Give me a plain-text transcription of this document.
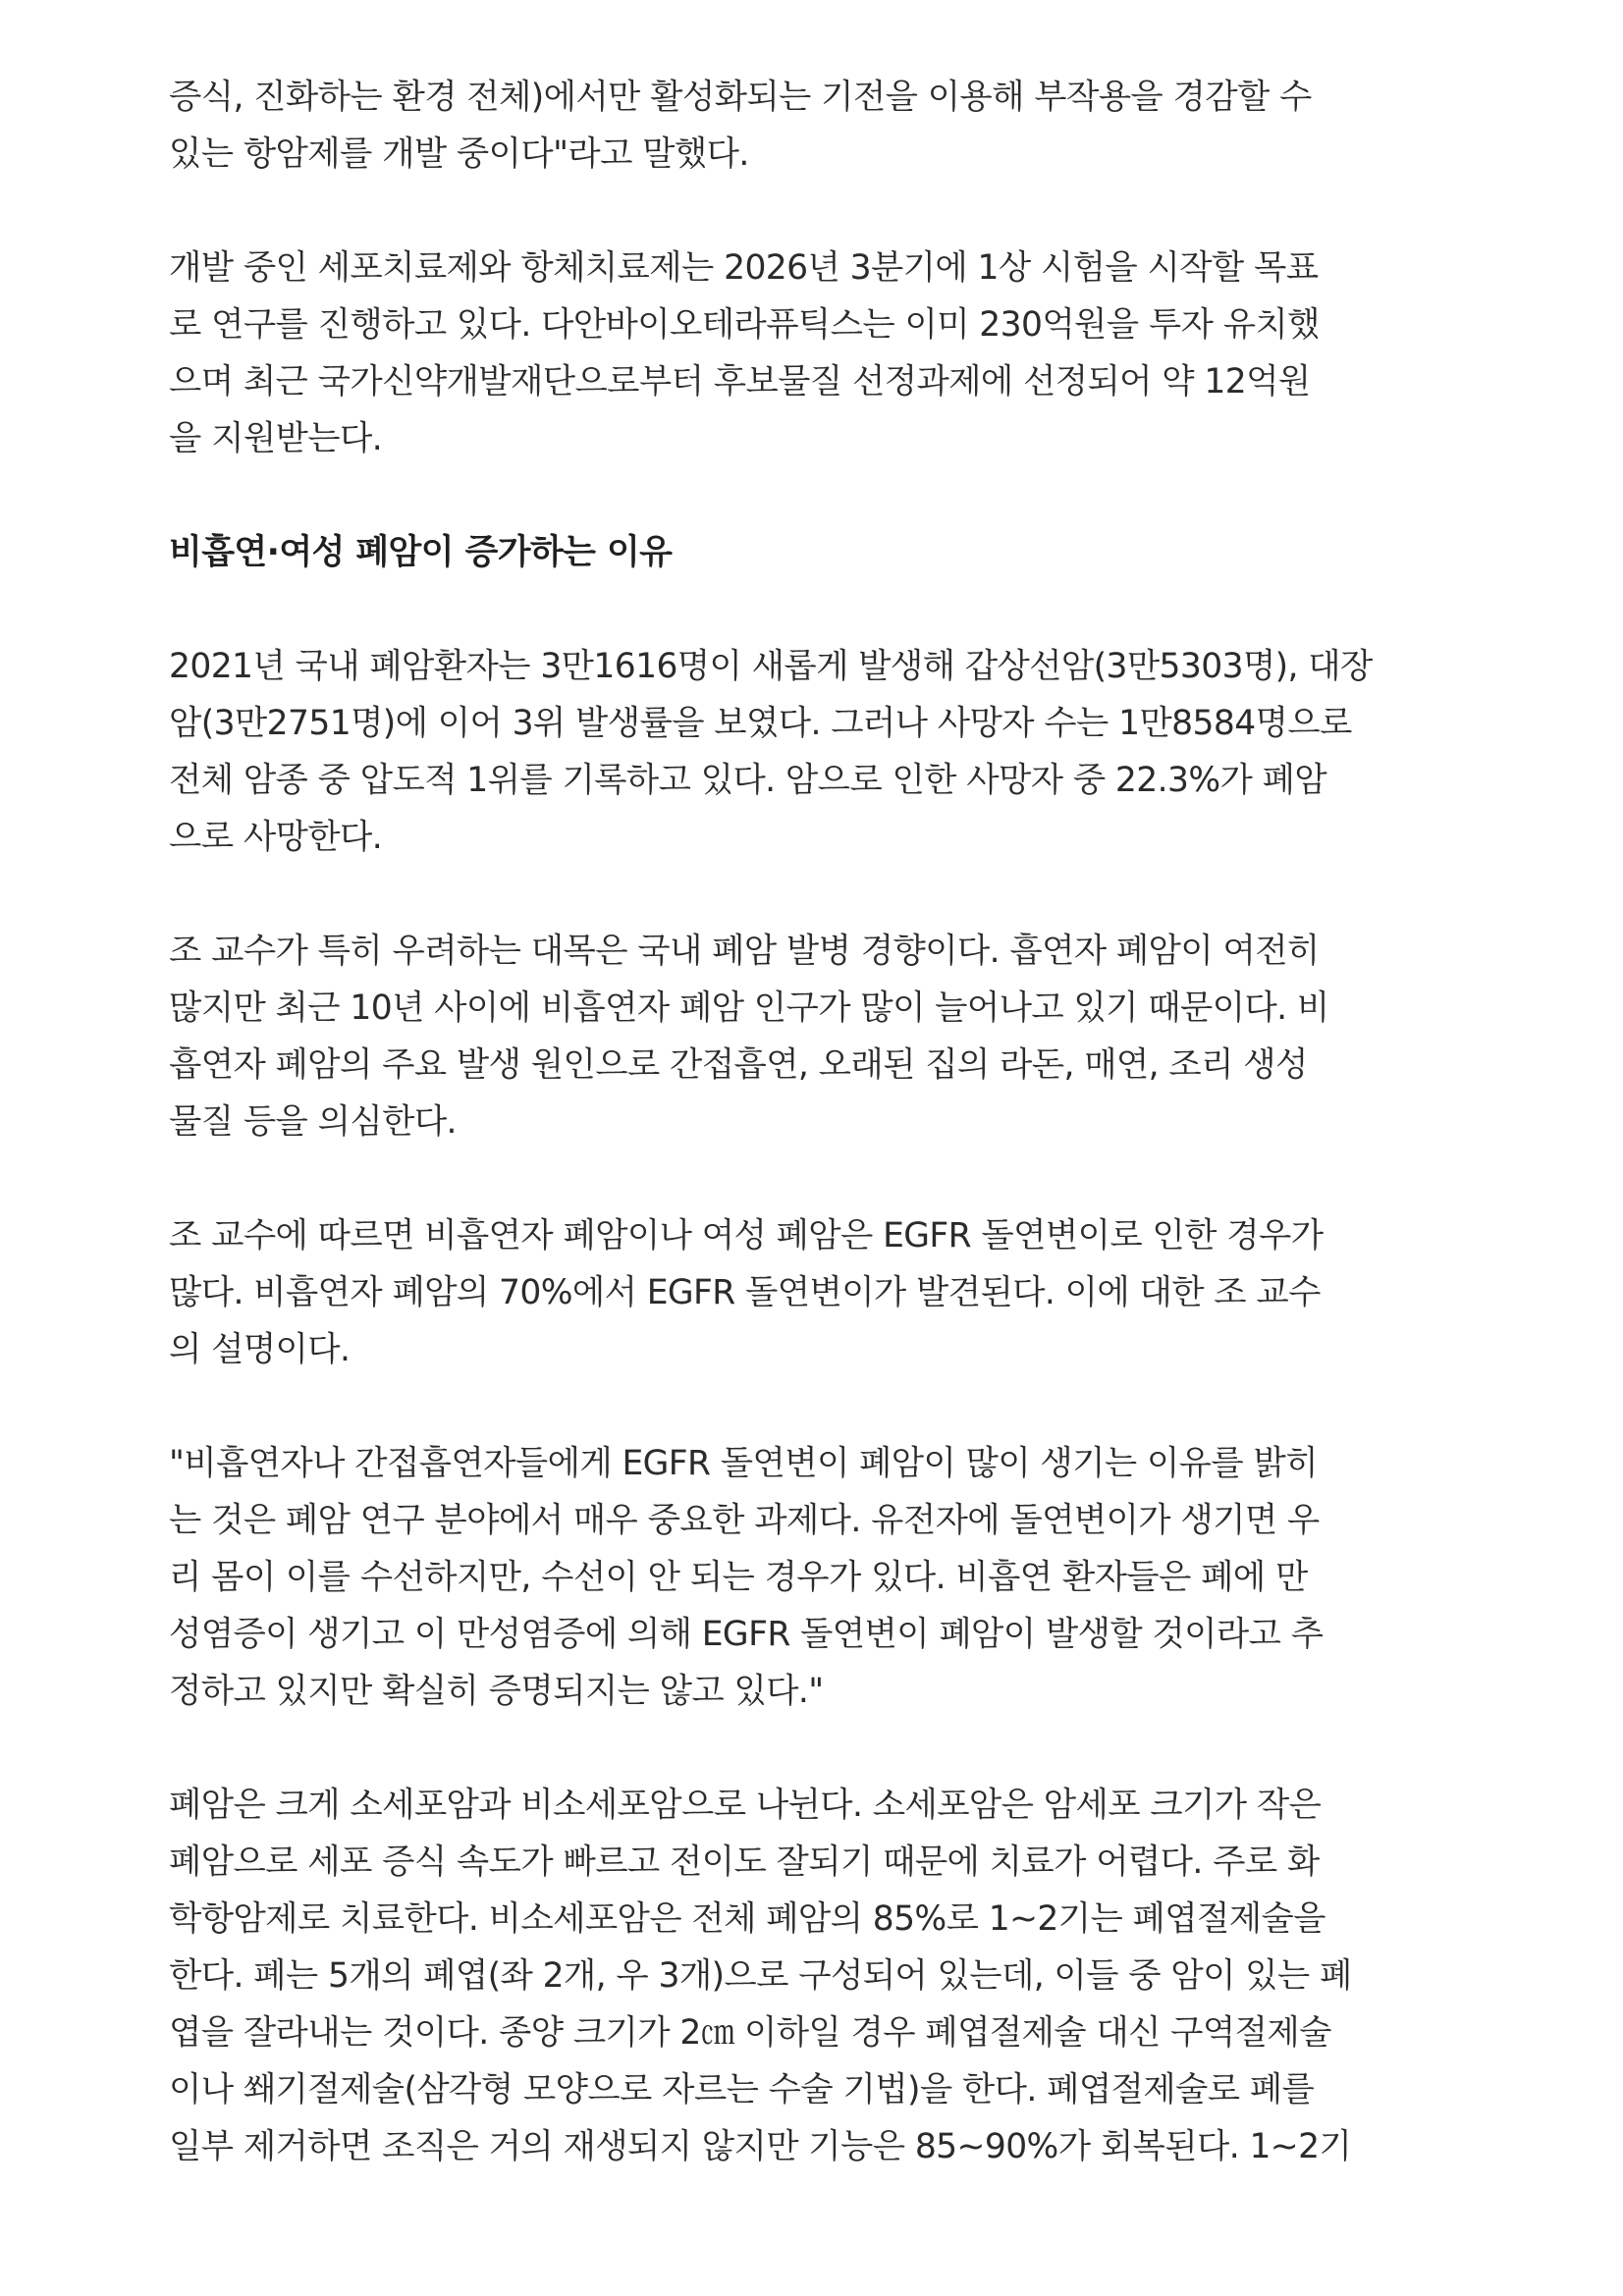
증식, 진화하는 환경 전체)에서만 활성화되는 기전을 이용해 부작용을 경감할 수
있는 항암제를 개발 중이다"라고 말했다.

개발 중인 세포치료제와 항체치료제는 2026년 3분기에 1상 시험을 시작할 목표
로 연구를 진행하고 있다. 다안바이오테라퓨틱스는 이미 230억원을 투자 유치했
으며 최근 국가신약개발재단으로부터 후보물질 선정과제에 선정되어 약 12억원
을 지원받는다.

비흡연·여성 폐암이 증가하는 이유

2021년 국내 폐암환자는 3만1616명이 새롭게 발생해 갑상선암(3만5303명), 대장
암(3만2751명)에 이어 3위 발생률을 보였다. 그러나 사망자 수는 1만8584명으로
전체 암종 중 압도적 1위를 기록하고 있다. 암으로 인한 사망자 중 22.3%가 폐암
으로 사망한다.

조 교수가 특히 우려하는 대목은 국내 폐암 발병 경향이다. 흡연자 폐암이 여전히
많지만 최근 10년 사이에 비흡연자 폐암 인구가 많이 늘어나고 있기 때문이다. 비
흡연자 폐암의 주요 발생 원인으로 간접흡연, 오래된 집의 라돈, 매연, 조리 생성
물질 등을 의심한다.

조 교수에 따르면 비흡연자 폐암이나 여성 폐암은 EGFR 돌연변이로 인한 경우가
많다. 비흡연자 폐암의 70%에서 EGFR 돌연변이가 발견된다. 이에 대한 조 교수
의 설명이다.

"비흡연자나 간접흡연자들에게 EGFR 돌연변이 폐암이 많이 생기는 이유를 밝히
는 것은 폐암 연구 분야에서 매우 중요한 과제다. 유전자에 돌연변이가 생기면 우
리 몸이 이를 수선하지만, 수선이 안 되는 경우가 있다. 비흡연 환자들은 폐에 만
성염증이 생기고 이 만성염증에 의해 EGFR 돌연변이 폐암이 발생할 것이라고 추
정하고 있지만 확실히 증명되지는 않고 있다."

폐암은 크게 소세포암과 비소세포암으로 나뉜다. 소세포암은 암세포 크기가 작은
폐암으로 세포 증식 속도가 빠르고 전이도 잘되기 때문에 치료가 어렵다. 주로 화
학항암제로 치료한다. 비소세포암은 전체 폐암의 85%로 1~2기는 폐엽절제술을
한다. 폐는 5개의 폐엽(좌 2개, 우 3개)으로 구성되어 있는데, 이들 중 암이 있는 폐
엽을 잘라내는 것이다. 종양 크기가 2㎝ 이하일 경우 폐엽절제술 대신 구역절제술
이나 쐐기절제술(삼각형 모양으로 자르는 수술 기법)을 한다. 폐엽절제술로 폐를
일부 제거하면 조직은 거의 재생되지 않지만 기능은 85~90%가 회복된다. 1~2기
